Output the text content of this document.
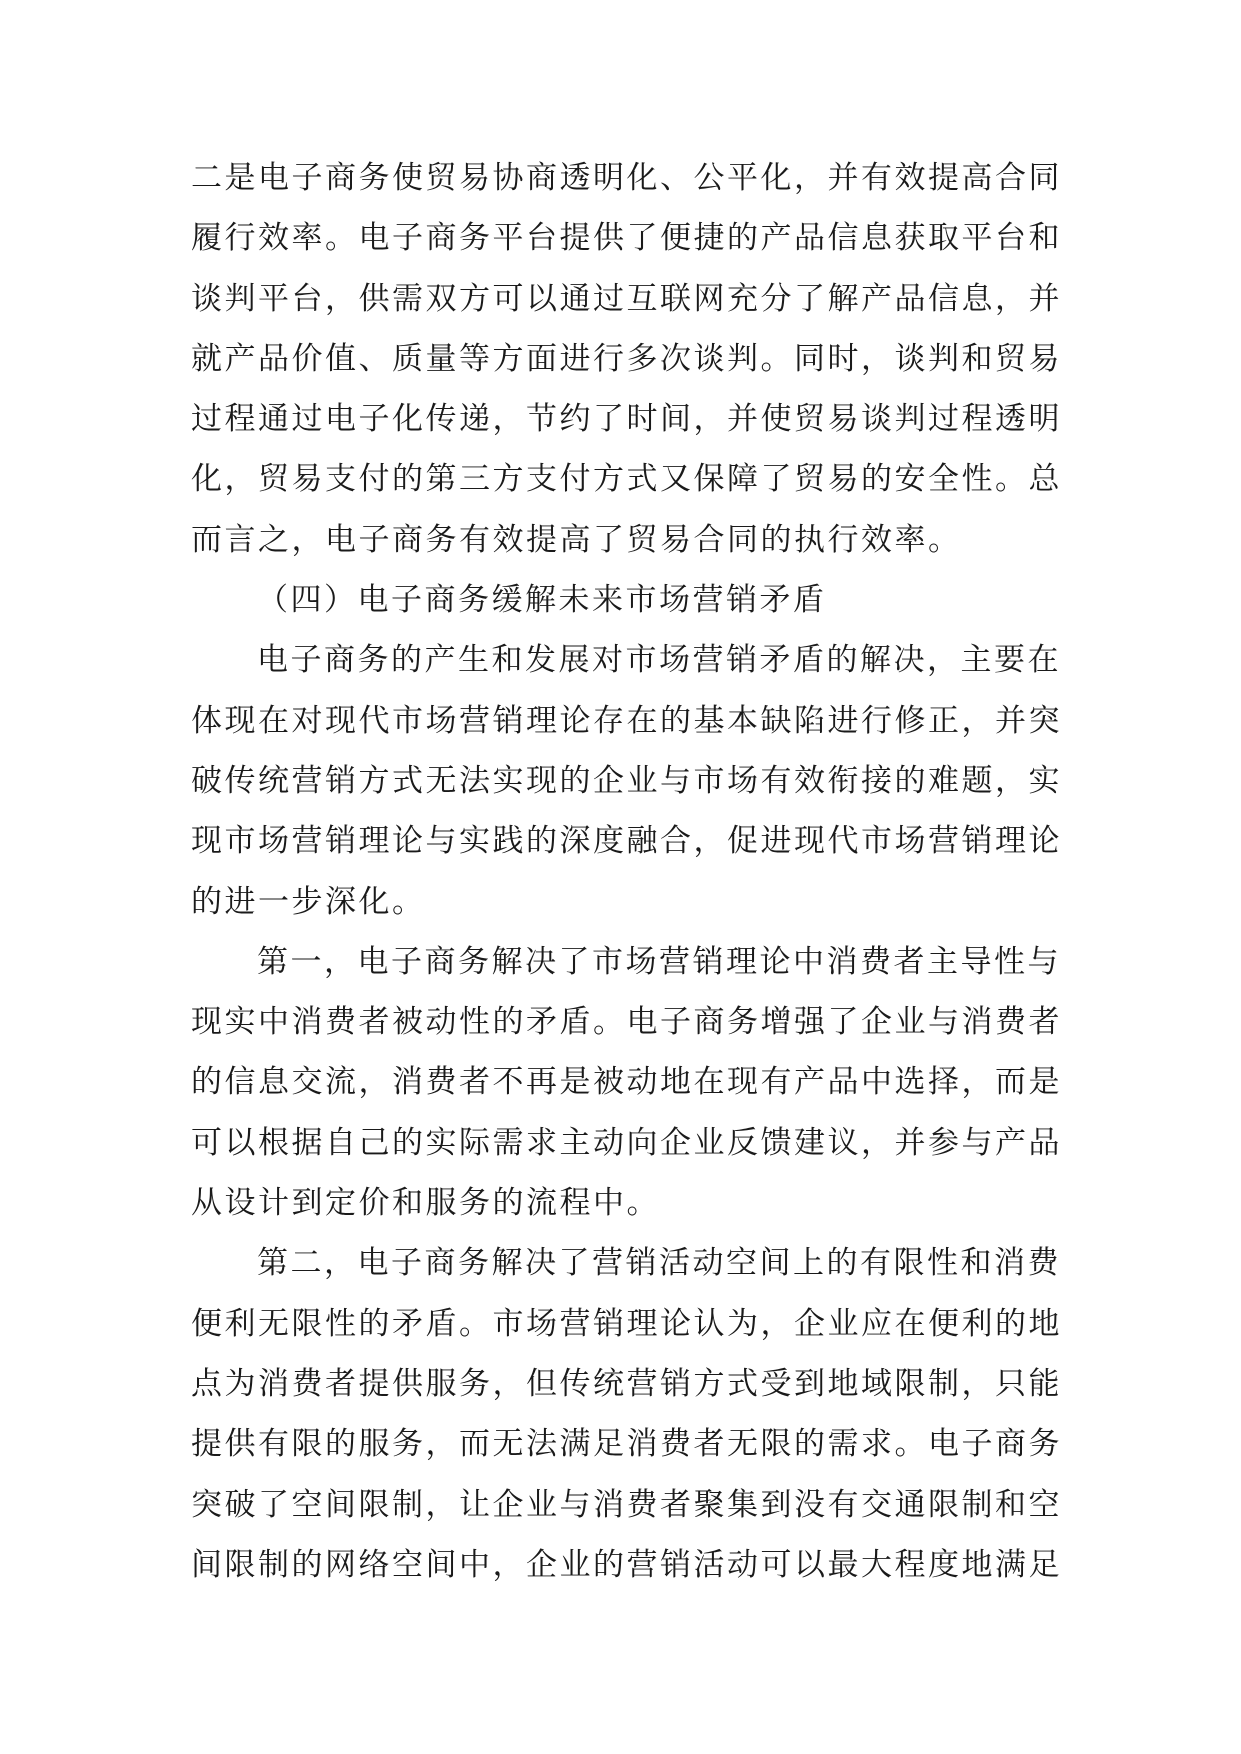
二是电子商务使贸易协商透明化、公平化，并有效提高合同
履行效率。电子商务平台提供了便捷的产品信息获取平台和
谈判平台，供需双方可以通过互联网充分了解产品信息，并
就产品价值、质量等方面进行多次谈判。同时，谈判和贸易
过程通过电子化传递，节约了时间，并使贸易谈判过程透明
化，贸易支付的第三方支付方式又保障了贸易的安全性。总
而言之，电子商务有效提高了贸易合同的执行效率。
（四）电子商务缓解未来市场营销矛盾
电子商务的产生和发展对市场营销矛盾的解决，主要在
体现在对现代市场营销理论存在的基本缺陷进行修正，并突
破传统营销方式无法实现的企业与市场有效衔接的难题，实
现市场营销理论与实践的深度融合，促进现代市场营销理论
的进一步深化。
第一，电子商务解决了市场营销理论中消费者主导性与
现实中消费者被动性的矛盾。电子商务增强了企业与消费者
的信息交流，消费者不再是被动地在现有产品中选择，而是
可以根据自己的实际需求主动向企业反馈建议，并参与产品
从设计到定价和服务的流程中。
第二，电子商务解决了营销活动空间上的有限性和消费
便利无限性的矛盾。市场营销理论认为，企业应在便利的地
点为消费者提供服务，但传统营销方式受到地域限制，只能
提供有限的服务，而无法满足消费者无限的需求。电子商务
突破了空间限制，让企业与消费者聚集到没有交通限制和空
间限制的网络空间中，企业的营销活动可以最大程度地满足
